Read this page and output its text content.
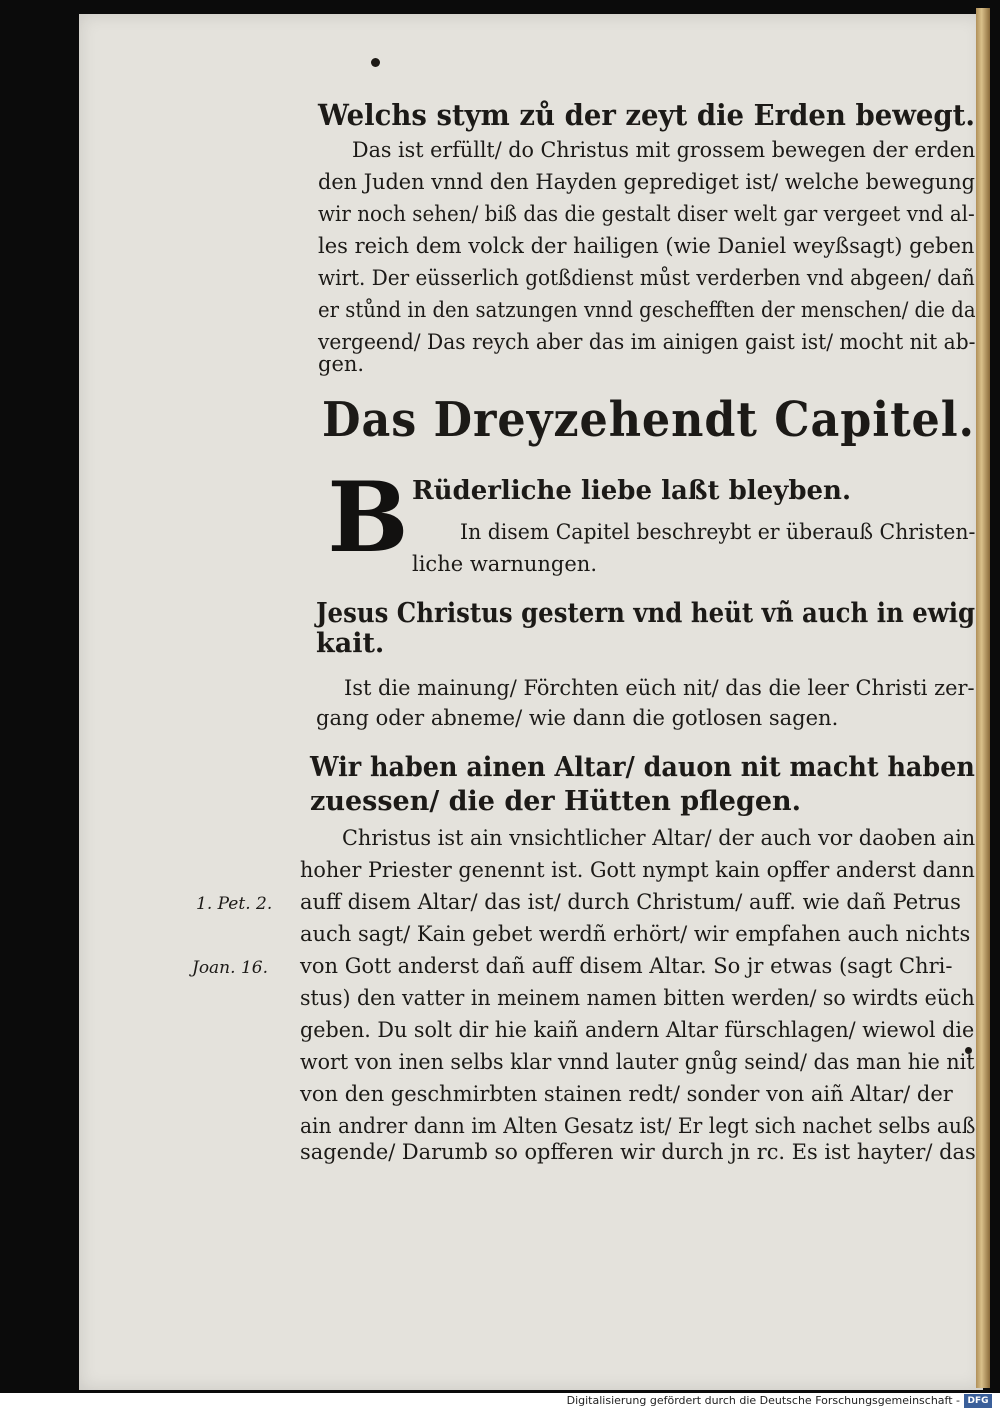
Welchs stym zů der zeyt die Erden bewegt.
Das ist erfüllt/ do Christus mit grossem bewegen der erden
den Juden vnnd den Hayden geprediget ist/ welche bewegung
wir noch sehen/ biß das die gestalt diser welt gar vergeet vnd al-
les reich dem volck der hailigen (wie Daniel weyßsagt) geben
wirt. Der eüsserlich gotßdienst můst verderben vnd abgeen/ dañ
er stůnd in den satzungen vnnd geschefften der menschen/ die da
vergeend/ Das reych aber das im ainigen gaist ist/ mocht nit ab-
gen.
Das Dreyzehendt Capitel.
B Rüderliche liebe laßt bleyben.
In disem Capitel beschreybt er überauß Christen-
liche warnungen.
Jesus Christus gestern vnd heüt vñ auch in ewig
kait.
Ist die mainung/ Förchten eüch nit/ das die leer Christi zer-
gang oder abneme/ wie dann die gotlosen sagen.
Wir haben ainen Altar/ dauon nit macht haben
zuessen/ die der Hütten pflegen.
Christus ist ain vnsichtlicher Altar/ der auch vor daoben ain
hoher Priester genennt ist. Gott nympt kain opffer anderst dann
auff disem Altar/ das ist/ durch Christum/ auff. wie dañ Petrus
auch sagt/ Kain gebet werdñ erhört/ wir empfahen auch nichts
von Gott anderst dañ auff disem Altar. So jr etwas (sagt Chri-
stus) den vatter in meinem namen bitten werden/ so wirdts eüch
geben. Du solt dir hie kaiñ andern Altar fürschlagen/ wiewol die
wort von inen selbs klar vnnd lauter gnůg seind/ das man hie nit
von den geschmirbten stainen redt/ sonder von aiñ Altar/ der
ain andrer dann im Alten Gesatz ist/ Er legt sich nachet selbs auß
sagende/ Darumb so opfferen wir durch jn rc. Es ist hayter/ das
1. Pet. 2.
Joan. 16.
Digitalisierung gefördert durch die Deutsche Forschungsgemeinschaft - DFG
